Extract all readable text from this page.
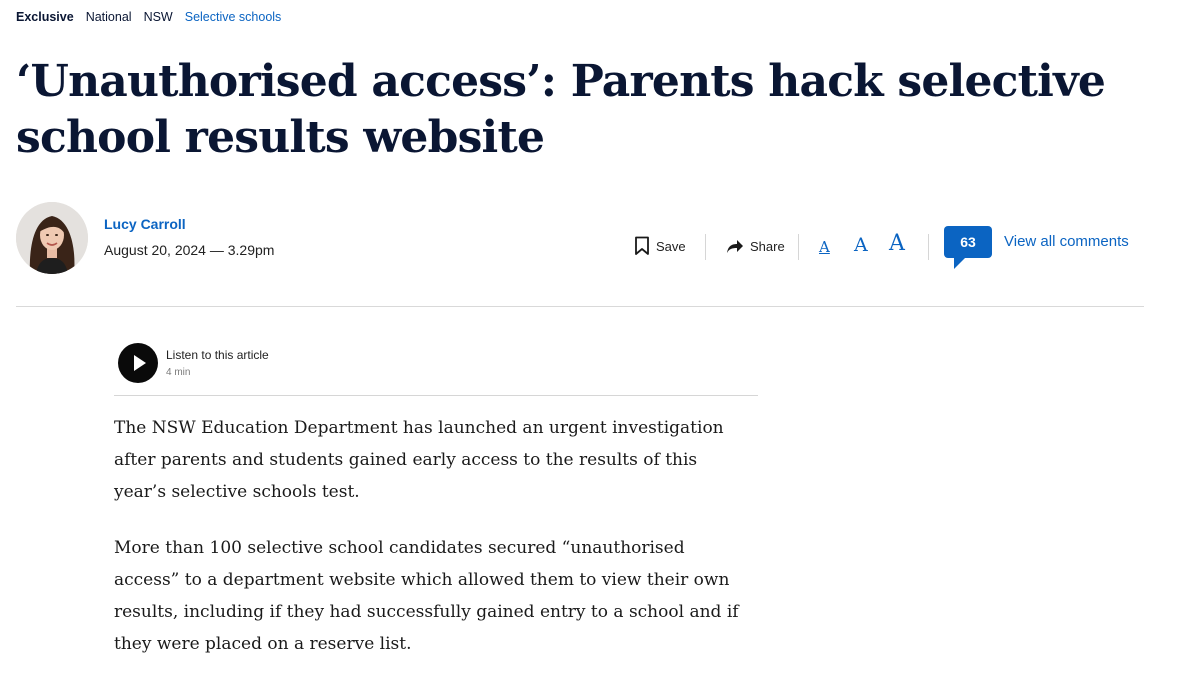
Exclusive National NSW Selective schools
‘Unauthorised access’: Parents hack selective school results website
Lucy Carroll
August 20, 2024 — 3.29pm	Save	Share A A A	63	View all comments
Listen to this article
4 min

The NSW Education Department has launched an urgent investigation after parents and students gained early access to the results of this year’s selective schools test.

More than 100 selective school candidates secured “unauthorised access” to a department website which allowed them to view their own results, including if they had successfully gained entry to a school and if they were placed on a reserve list.
